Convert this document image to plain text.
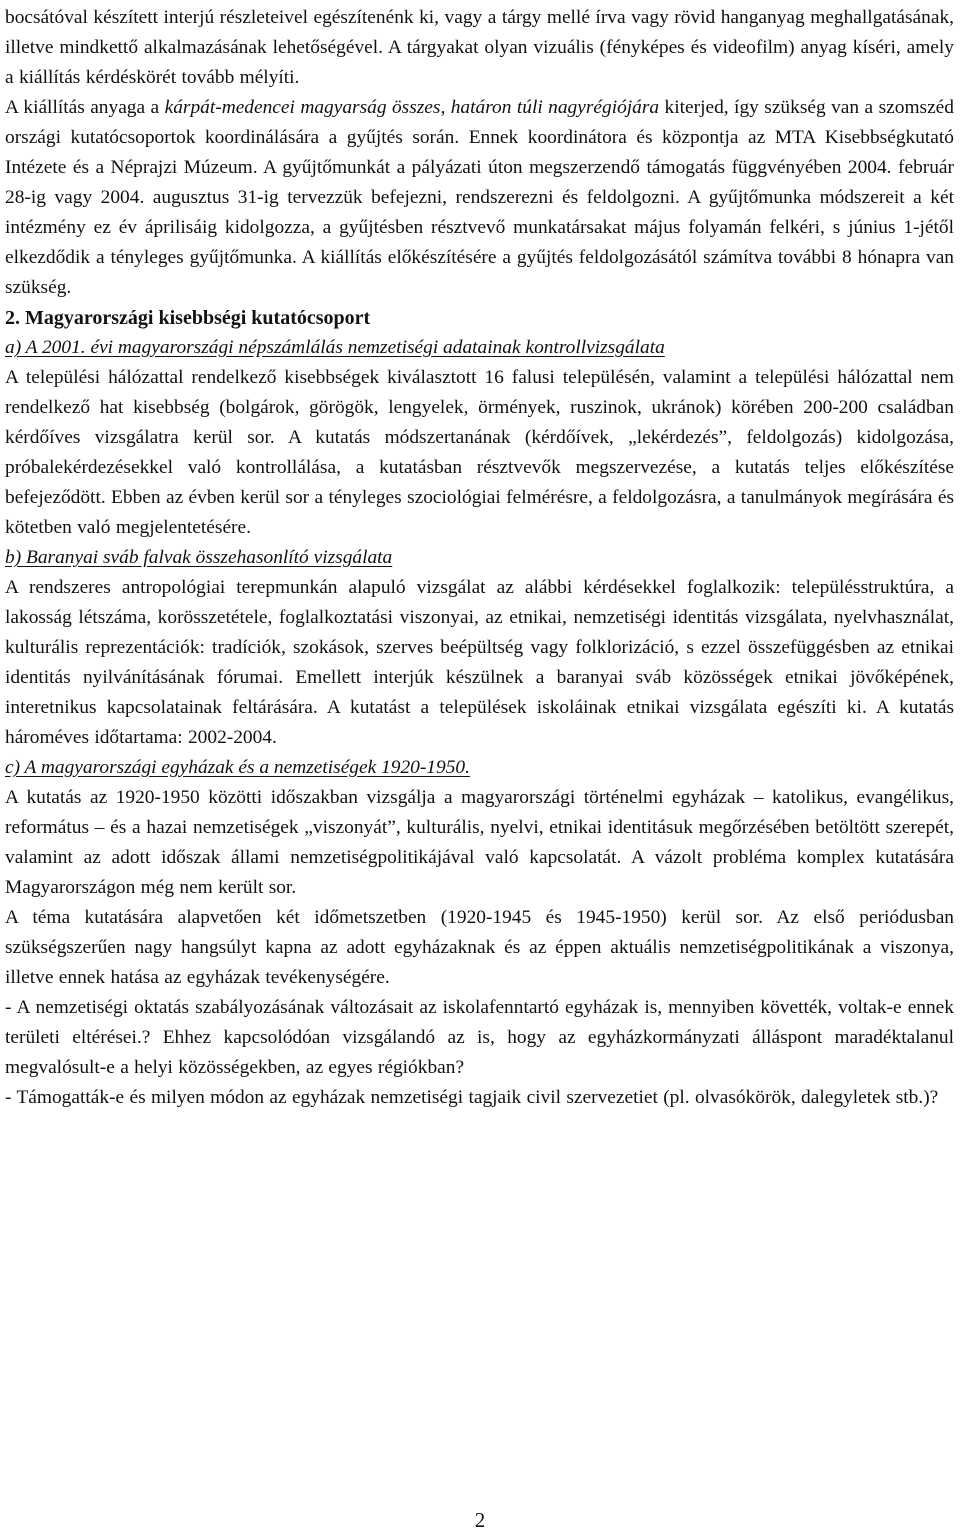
bocsátóval készített interjú részleteivel egészítenénk ki, vagy a tárgy mellé írva vagy rövid hanganyag meghallgatásának, illetve mindkettő alkalmazásának lehetőségével. A tárgyakat olyan vizuális (fényképes és videofilm) anyag kíséri, amely a kiállítás kérdéskörét tovább mélyíti.

A kiállítás anyaga a kárpát-medencei magyarság összes, határon túli nagyrégiójára kiterjed, így szükség van a szomszéd országi kutatócsoportok koordinálására a gyűjtés során. Ennek koordinátora és központja az MTA Kisebbségkutató Intézete és a Néprajzi Múzeum. A gyűjtőmunkát a pályázati úton megszerzendő támogatás függvényében 2004. február 28-ig vagy 2004. augusztus 31-ig tervezzük befejezni, rendszerezni és feldolgozni. A gyűjtőmunka módszereit a két intézmény ez év áprilisáig kidolgozza, a gyűjtésben résztvevő munkatársakat május folyamán felkéri, s június 1-jétől elkezdődik a tényleges gyűjtőmunka. A kiállítás előkészítésére a gyűjtés feldolgozásától számítva további 8 hónapra van szükség.

2. Magyarországi kisebbségi kutatócsoport

a) A 2001. évi magyarországi népszámlálás nemzetiségi adatainak kontrollvizsgálata

A települési hálózattal rendelkező kisebbségek kiválasztott 16 falusi településén, valamint a települési hálózattal nem rendelkező hat kisebbség (bolgárok, görögök, lengyelek, örmények, ruszinok, ukránok) körében 200-200 családban kérdőíves vizsgálatra kerül sor. A kutatás módszertanának (kérdőívek, „lekérdezés”, feldolgozás) kidolgozása, próbalekérdezésekkel való kontrollálása, a kutatásban résztvevők megszervezése, a kutatás teljes előkészítése befejeződött. Ebben az évben kerül sor a tényleges szociológiai felmérésre, a feldolgozásra, a tanulmányok megírására és kötetben való megjelentetésére.

b) Baranyai sváb falvak összehasonlító vizsgálata

A rendszeres antropológiai terepmunkán alapuló vizsgálat az alábbi kérdésekkel foglalkozik: településstruktúra, a lakosság létszáma, korösszetétele, foglalkoztatási viszonyai, az etnikai, nemzetiségi identitás vizsgálata, nyelvhasználat, kulturális reprezentációk: tradíciók, szokások, szerves beépültség vagy folklorizáció, s ezzel összefüggésben az etnikai identitás nyilvánításának fórumai. Emellett interjúk készülnek a baranyai sváb közösségek etnikai jövőképének, interetnikus kapcsolatainak feltárására. A kutatást a települések iskoláinak etnikai vizsgálata egészíti ki. A kutatás hároméves időtartama: 2002-2004.

c) A magyarországi egyházak és a nemzetiségek 1920-1950.

A kutatás az 1920-1950 közötti időszakban vizsgálja a magyarországi történelmi egyházak – katolikus, evangélikus, református – és a hazai nemzetiségek „viszonyát”, kulturális, nyelvi, etnikai identitásuk megőrzésében betöltött szerepét, valamint az adott időszak állami nemzetiségpolitikájával való kapcsolatát. A vázolt probléma komplex kutatására Magyarországon még nem került sor.

A téma kutatására alapvetően két időmetszetben (1920-1945 és 1945-1950) kerül sor. Az első periódusban szükségszerűen nagy hangsúlyt kapna az adott egyházaknak és az éppen aktuális nemzetiségpolitikának a viszonya, illetve ennek hatása az egyházak tevékenységére.

- A nemzetiségi oktatás szabályozásának változásait az iskolafenntartó egyházak is, mennyiben követték, voltak-e ennek területi eltérései.? Ehhez kapcsolódóan vizsgálandó az is, hogy az egyházkormányzati álláspont maradéktalanul megvalósult-e a helyi közösségekben, az egyes régiókban?

- Támogatták-e és milyen módon az egyházak nemzetiségi tagjaik civil szervezetiet (pl. olvasókörök, dalegyletek stb.)?

2
